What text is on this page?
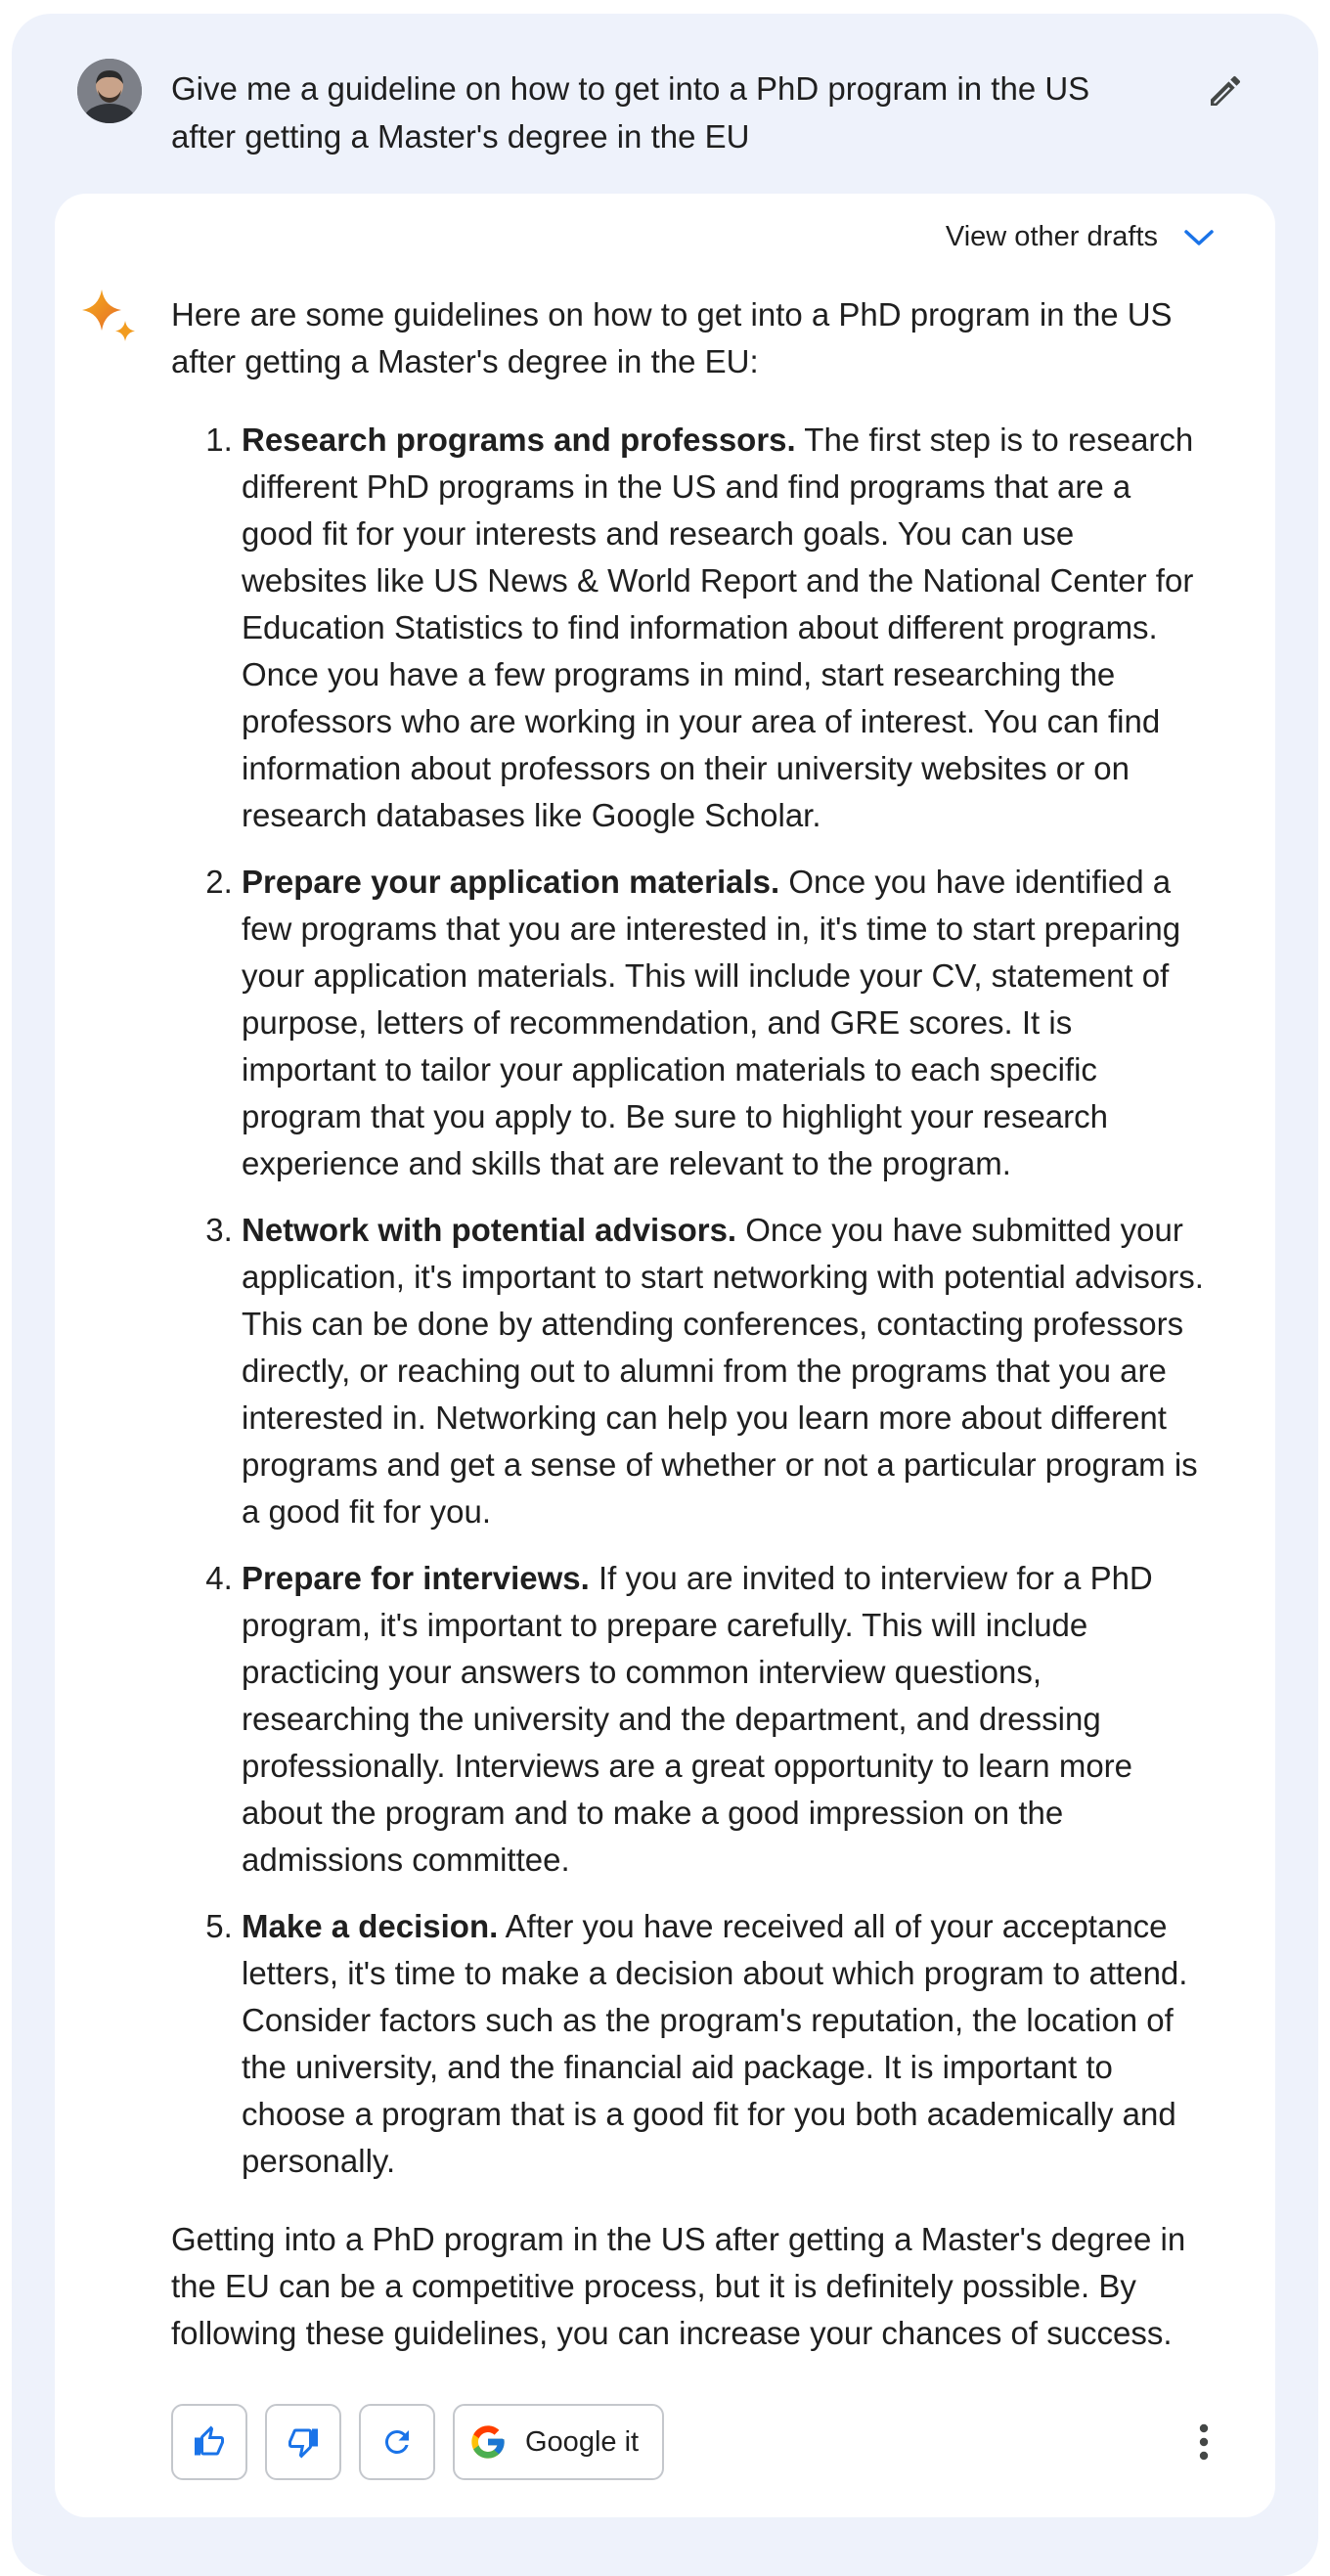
Give me a guideline on how to get into a PhD program in the US after getting a Master's degree in the EU

View other drafts

Here are some guidelines on how to get into a PhD program in the US after getting a Master's degree in the EU:

1. Research programs and professors. The first step is to research different PhD programs in the US and find programs that are a good fit for your interests and research goals. You can use websites like US News & World Report and the National Center for Education Statistics to find information about different programs. Once you have a few programs in mind, start researching the professors who are working in your area of interest. You can find information about professors on their university websites or on research databases like Google Scholar.
2. Prepare your application materials. Once you have identified a few programs that you are interested in, it's time to start preparing your application materials. This will include your CV, statement of purpose, letters of recommendation, and GRE scores. It is important to tailor your application materials to each specific program that you apply to. Be sure to highlight your research experience and skills that are relevant to the program.
3. Network with potential advisors. Once you have submitted your application, it's important to start networking with potential advisors. This can be done by attending conferences, contacting professors directly, or reaching out to alumni from the programs that you are interested in. Networking can help you learn more about different programs and get a sense of whether or not a particular program is a good fit for you.
4. Prepare for interviews. If you are invited to interview for a PhD program, it's important to prepare carefully. This will include practicing your answers to common interview questions, researching the university and the department, and dressing professionally. Interviews are a great opportunity to learn more about the program and to make a good impression on the admissions committee.
5. Make a decision. After you have received all of your acceptance letters, it's time to make a decision about which program to attend. Consider factors such as the program's reputation, the location of the university, and the financial aid package. It is important to choose a program that is a good fit for you both academically and personally.

Getting into a PhD program in the US after getting a Master's degree in the EU can be a competitive process, but it is definitely possible. By following these guidelines, you can increase your chances of success.

Google it
